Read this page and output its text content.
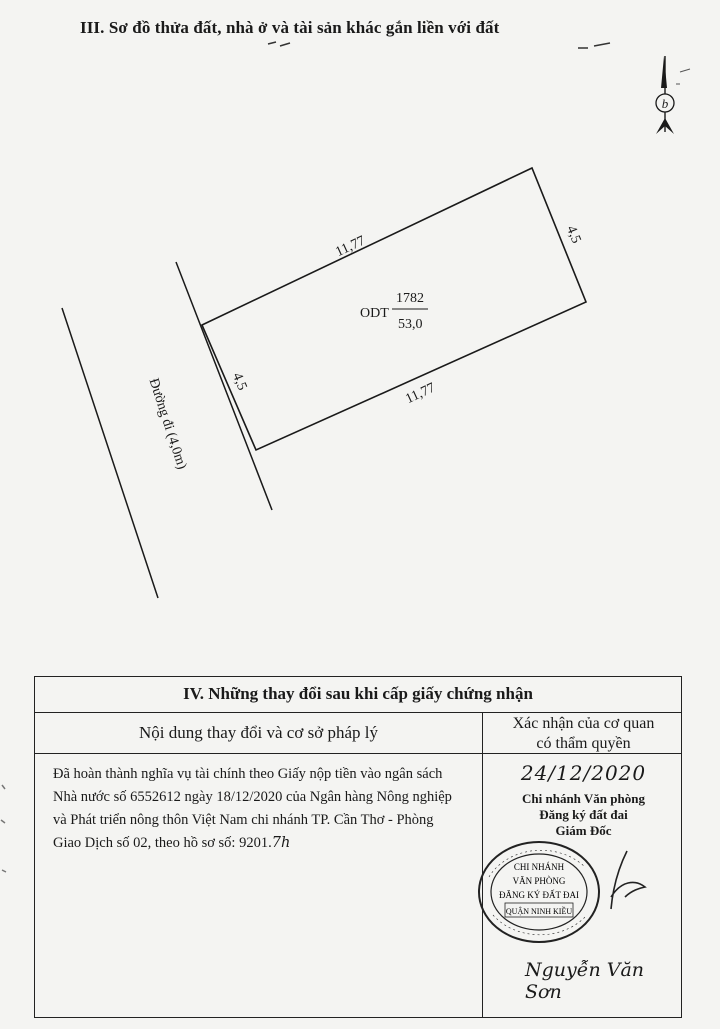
III. Sơ đồ thửa đất, nhà ở và tài sản khác gắn liền với đất
b
11,77	4,5
4,5	11,77
ODT
1782
53,0
Đường đi (4,0m)
IV. Những thay đổi sau khi cấp giấy chứng nhận
Nội dung thay đổi và cơ sở pháp lý	Xác nhận của cơ quan
có thẩm quyền
Đã hoàn thành nghĩa vụ tài chính theo Giấy nộp tiền vào ngân sách Nhà nước số 6552612 ngày 18/12/2020 của Ngân hàng Nông nghiệp và Phát triển nông thôn Việt Nam chi nhánh TP. Cần Thơ - Phòng Giao Dịch số 02, theo hồ sơ số: 9201.7h
24/12/2020
Chi nhánh Văn phòng
Đăng ký đất đai
Giám Đốc
CHI NHÁNH
VĂN PHÒNG
ĐĂNG KÝ ĐẤT ĐAI
QUẬN NINH KIỀU
Nguyễn Văn Sơn
